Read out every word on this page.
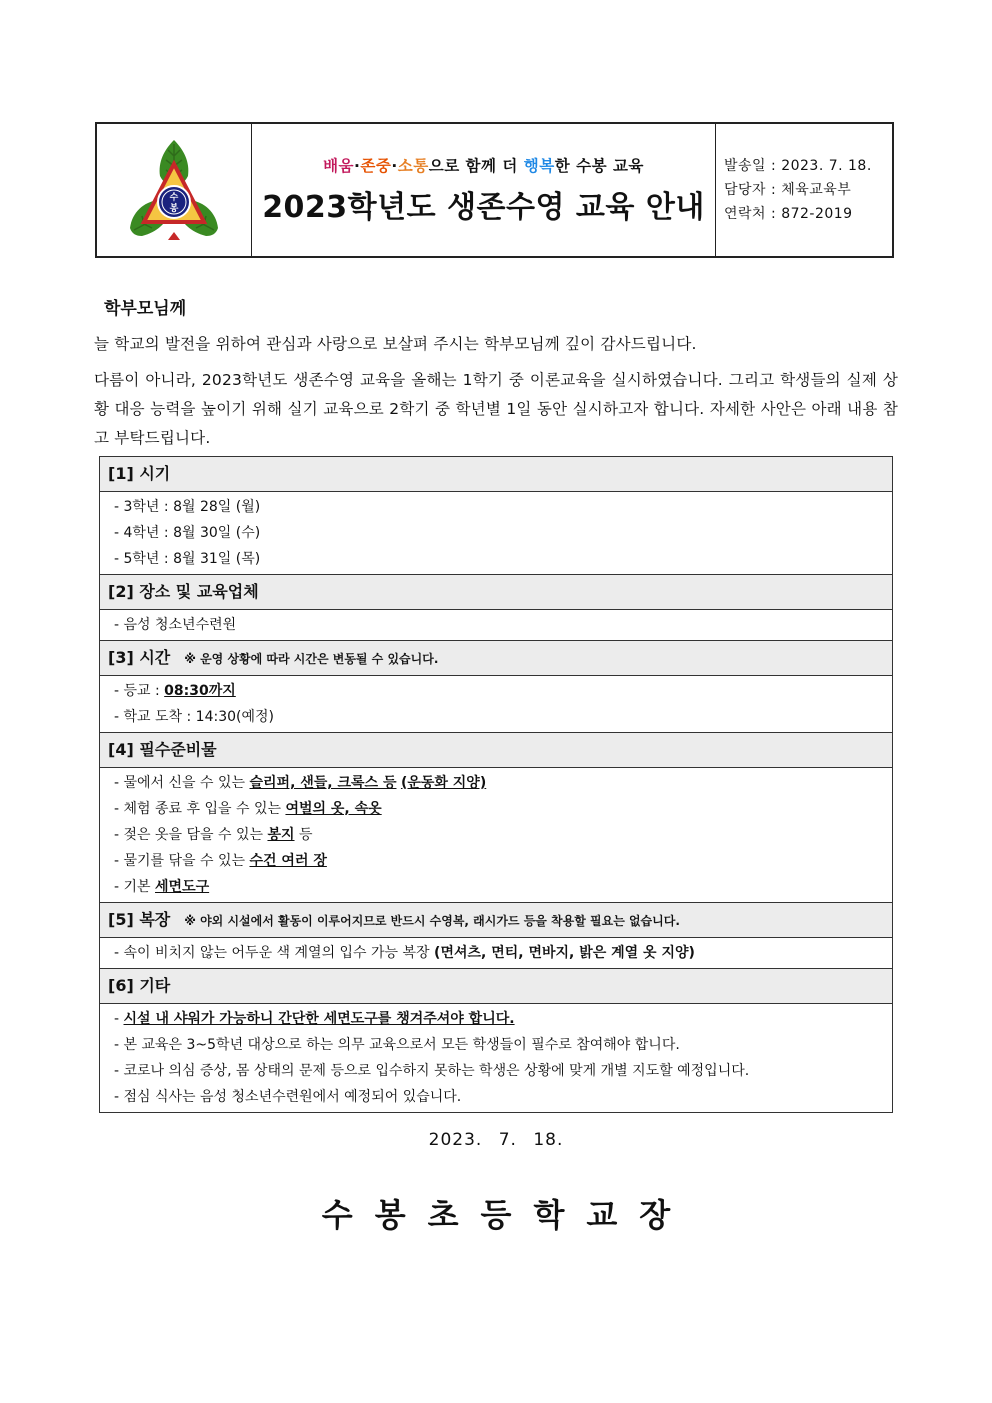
수
봉
배움·존중·소통으로 함께 더 행복한 수봉 교육
2023학년도 생존수영 교육 안내
발송일 : 2023. 7. 18.
담당자 : 체육교육부
연락처 : 872-2019
학부모님께
늘 학교의 발전을 위하여 관심과 사랑으로 보살펴 주시는 학부모님께 깊이 감사드립니다.
다름이 아니라, 2023학년도 생존수영 교육을 올해는 1학기 중 이론교육을 실시하였습니다. 그리고 학생들의 실제 상황 대응 능력을 높이기 위해 실기 교육으로 2학기 중 학년별 1일 동안 실시하고자 합니다. 자세한 사안은 아래 내용 참고 부탁드립니다.
[1] 시기
- 3학년 : 8월 28일 (월)
- 4학년 : 8월 30일 (수)
- 5학년 : 8월 31일 (목)
[2] 장소 및 교육업체
- 음성 청소년수련원
[3] 시간 ※ 운영 상황에 따라 시간은 변동될 수 있습니다.
- 등교 : 08:30까지
- 학교 도착 : 14:30(예정)
[4] 필수준비물
- 물에서 신을 수 있는 슬리퍼, 샌들, 크록스 등 (운동화 지양)
- 체험 종료 후 입을 수 있는 여벌의 옷, 속옷
- 젖은 옷을 담을 수 있는 봉지 등
- 물기를 닦을 수 있는 수건 여러 장
- 기본 세면도구
[5] 복장 ※ 야외 시설에서 활동이 이루어지므로 반드시 수영복, 래시가드 등을 착용할 필요는 없습니다.
- 속이 비치지 않는 어두운 색 계열의 입수 가능 복장 (면셔츠, 면티, 면바지, 밝은 계열 옷 지양)
[6] 기타
- 시설 내 샤워가 가능하니 간단한 세면도구를 챙겨주셔야 합니다.
- 본 교육은 3~5학년 대상으로 하는 의무 교육으로서 모든 학생들이 필수로 참여해야 합니다.
- 코로나 의심 증상, 몸 상태의 문제 등으로 입수하지 못하는 학생은 상황에 맞게 개별 지도할 예정입니다.
- 점심 식사는 음성 청소년수련원에서 예정되어 있습니다.
2023. 7. 18.
수봉초등학교장
